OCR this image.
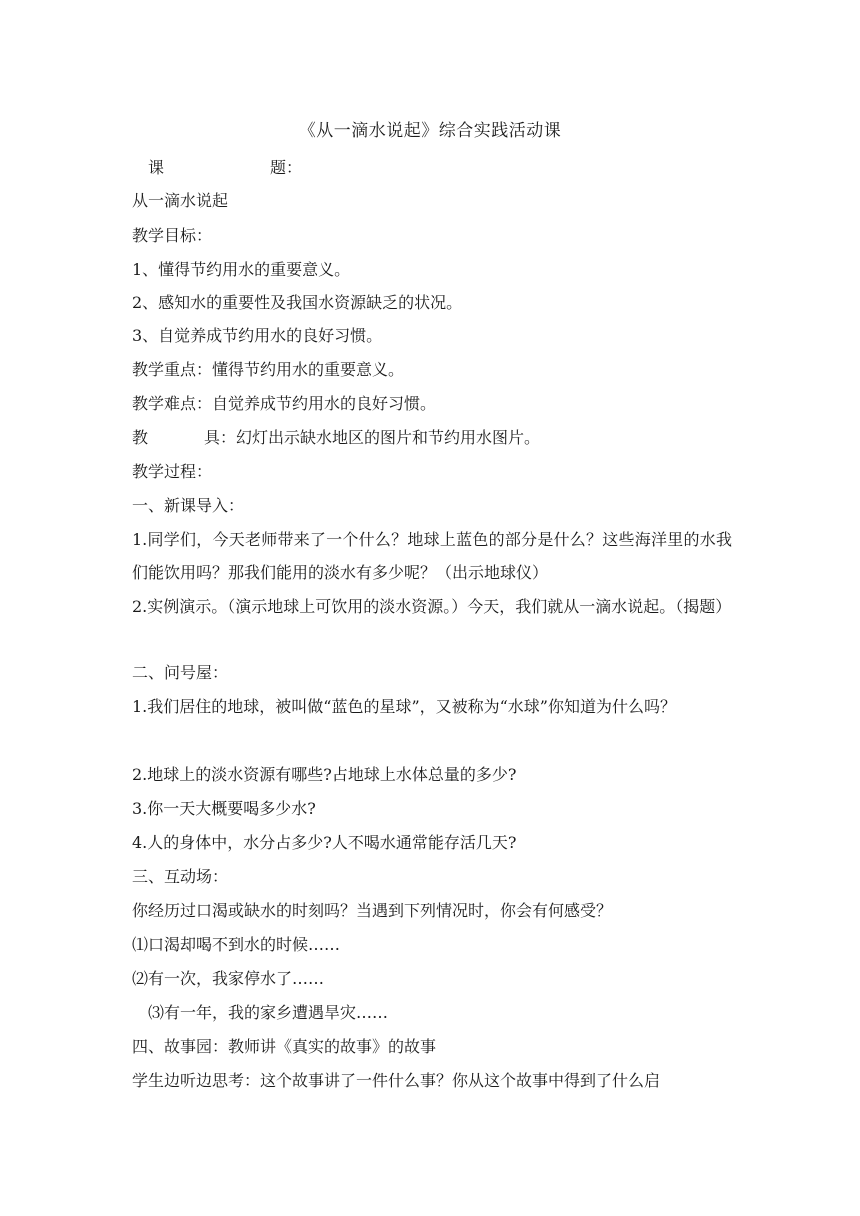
《从一滴水说起》综合实践活动课
课	题：
从一滴水说起
教学目标：
1、懂得节约用水的重要意义。
2、感知水的重要性及我国水资源缺乏的状况。
3、自觉养成节约用水的良好习惯。
教学重点：懂得节约用水的重要意义。
教学难点：自觉养成节约用水的良好习惯。
教	具：幻灯出示缺水地区的图片和节约用水图片。
教学过程：
一、新课导入：
1.同学们，今天老师带来了一个什么？地球上蓝色的部分是什么？这些海洋里的水我们能饮用吗？那我们能用的淡水有多少呢？（出示地球仪）
2.实例演示。（演示地球上可饮用的淡水资源。）今天，我们就从一滴水说起。（揭题）
二、问号屋：
1.我们居住的地球，被叫做“蓝色的星球”，又被称为“水球”你知道为什么吗？
2.地球上的淡水资源有哪些?占地球上水体总量的多少?
3.你一天大概要喝多少水?
4.人的身体中，水分占多少?人不喝水通常能存活几天?
三、互动场：
你经历过口渴或缺水的时刻吗？当遇到下列情况时，你会有何感受？
⑴口渴却喝不到水的时候……
⑵有一次，我家停水了……
⑶有一年，我的家乡遭遇旱灾……
四、故事园：教师讲《真实的故事》的故事
学生边听边思考：这个故事讲了一件什么事？你从这个故事中得到了什么启
